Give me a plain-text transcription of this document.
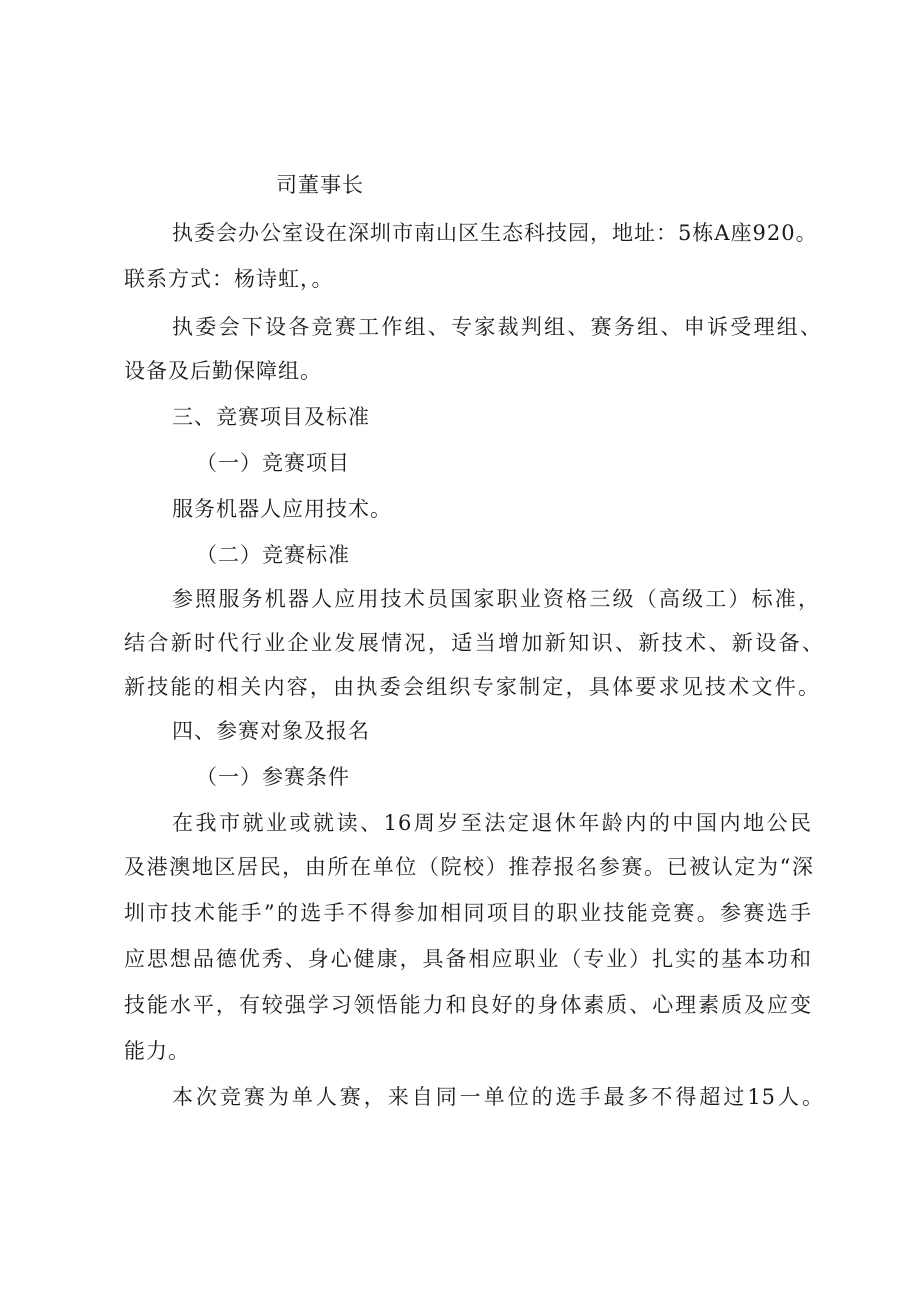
司董事长
执委会办公室设在深圳市南山区生态科技园，地址：5栋A座920。
联系方式：杨诗虹，。
执委会下设各竞赛工作组、专家裁判组、赛务组、申诉受理组、
设备及后勤保障组。
三、竞赛项目及标准
（一）竞赛项目
服务机器人应用技术。
（二）竞赛标准
参照服务机器人应用技术员国家职业资格三级（高级工）标准，
结合新时代行业企业发展情况，适当增加新知识、新技术、新设备、
新技能的相关内容，由执委会组织专家制定，具体要求见技术文件。
四、参赛对象及报名
（一）参赛条件
在我市就业或就读、16周岁至法定退休年龄内的中国内地公民
及港澳地区居民，由所在单位（院校）推荐报名参赛。已被认定为“深
圳市技术能手”的选手不得参加相同项目的职业技能竞赛。参赛选手
应思想品德优秀、身心健康，具备相应职业（专业）扎实的基本功和
技能水平，有较强学习领悟能力和良好的身体素质、心理素质及应变
能力。
本次竞赛为单人赛，来自同一单位的选手最多不得超过15人。
